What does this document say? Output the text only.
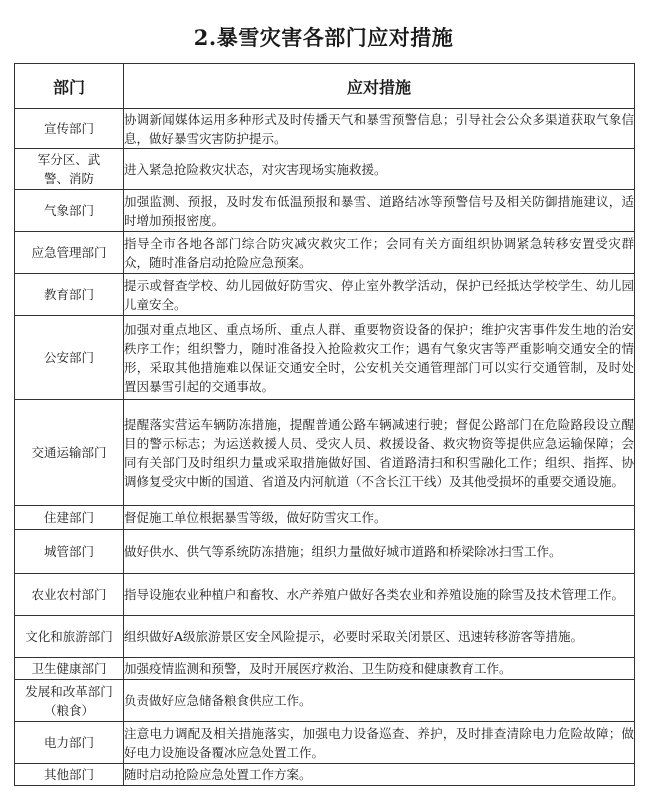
2.暴雪灾害各部门应对措施
部门	应对措施
宣传部门	协调新闻媒体运用多种形式及时传播天气和暴雪预警信息；引导社会公众多渠道获取气象信息，做好暴雪灾害防护提示。
军分区、武警、消防	进入紧急抢险救灾状态，对灾害现场实施救援。
气象部门	加强监测、预报，及时发布低温预报和暴雪、道路结冰等预警信号及相关防御措施建议，适时增加预报密度。
应急管理部门	指导全市各地各部门综合防灾减灾救灾工作；会同有关方面组织协调紧急转移安置受灾群众，随时准备启动抢险应急预案。
教育部门	提示或督查学校、幼儿园做好防雪灾、停止室外教学活动，保护已经抵达学校学生、幼儿园儿童安全。
公安部门	加强对重点地区、重点场所、重点人群、重要物资设备的保护；维护灾害事件发生地的治安秩序工作；组织警力，随时准备投入抢险救灾工作；遇有气象灾害等严重影响交通安全的情形，采取其他措施难以保证交通安全时，公安机关交通管理部门可以实行交通管制，及时处置因暴雪引起的交通事故。
交通运输部门	提醒落实营运车辆防冻措施，提醒普通公路车辆减速行驶；督促公路部门在危险路段设立醒目的警示标志；为运送救援人员、受灾人员、救援设备、救灾物资等提供应急运输保障；会同有关部门及时组织力量或采取措施做好国、省道路清扫和积雪融化工作；组织、指挥、协调修复受灾中断的国道、省道及内河航道（不含长江干线）及其他受损坏的重要交通设施。
住建部门	督促施工单位根据暴雪等级，做好防雪灾工作。
城管部门	做好供水、供气等系统防冻措施；组织力量做好城市道路和桥梁除冰扫雪工作。
农业农村部门	指导设施农业种植户和畜牧、水产养殖户做好各类农业和养殖设施的除雪及技术管理工作。
文化和旅游部门	组织做好A级旅游景区安全风险提示，必要时采取关闭景区、迅速转移游客等措施。
卫生健康部门	加强疫情监测和预警，及时开展医疗救治、卫生防疫和健康教育工作。
发展和改革部门（粮食）	负责做好应急储备粮食供应工作。
电力部门	注意电力调配及相关措施落实，加强电力设备巡查、养护，及时排查清除电力危险故障；做好电力设施设备覆冰应急处置工作。
其他部门	随时启动抢险应急处置工作方案。
